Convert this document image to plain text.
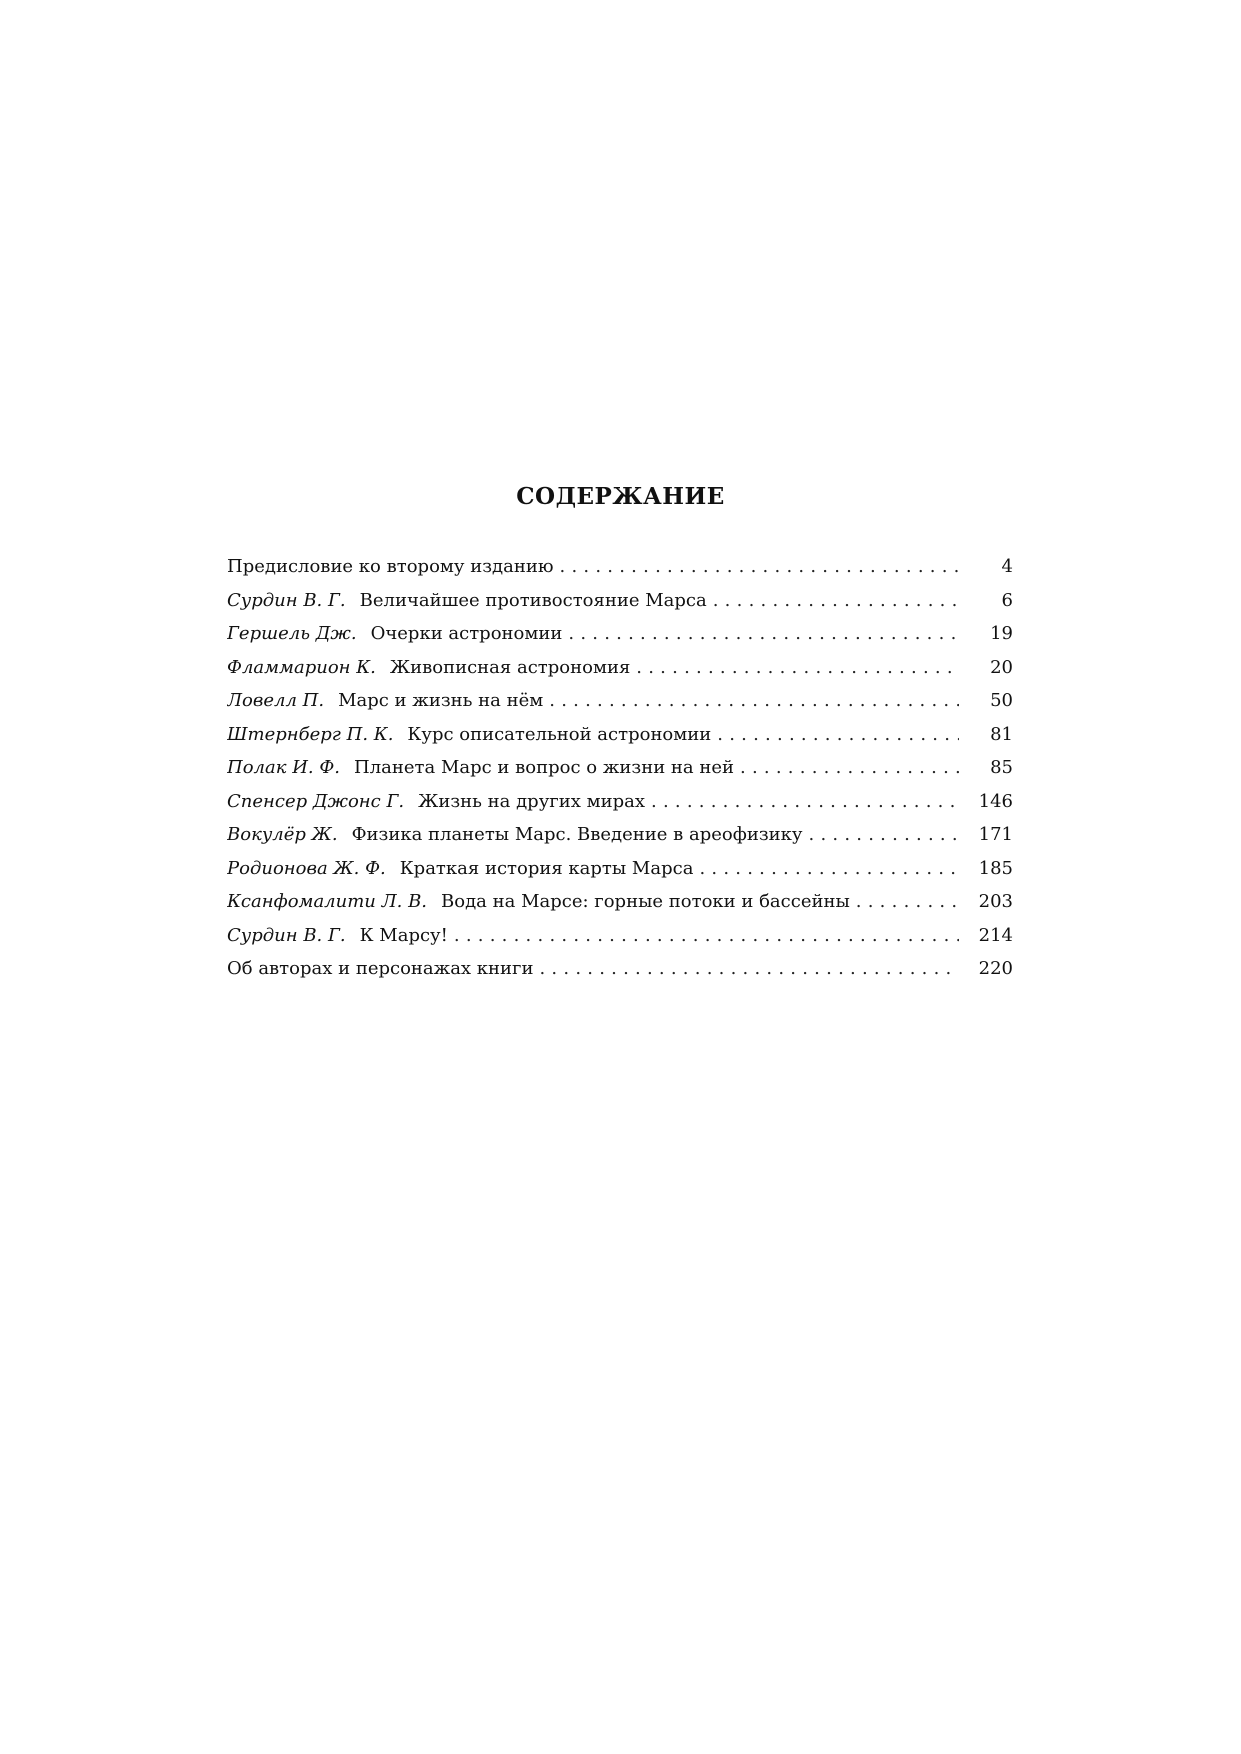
СОДЕРЖАНИЕ
Предисловие ко второму изданию . . .	4
Сурдин В. Г. Величайшее противостояние Марса . . .	6
Гершель Дж. Очерки астрономии . . .	19
Фламмарион К. Живописная астрономия . . .	20
Ловелл П. Марс и жизнь на нём . . .	50
Штернберг П. К. Курс описательной астрономии . . .	81
Полак И. Ф. Планета Марс и вопрос о жизни на ней . . .	85
Спенсер Джонс Г. Жизнь на других мирах . . .	146
Вокулёр Ж. Физика планеты Марс. Введение в ареофизику . . .	171
Родионова Ж. Ф. Краткая история карты Марса . . .	185
Ксанфомалити Л. В. Вода на Марсе: горные потоки и бассейны . . .	203
Сурдин В. Г. К Марсу! . . .	214
Об авторах и персонажах книги . . .	220
